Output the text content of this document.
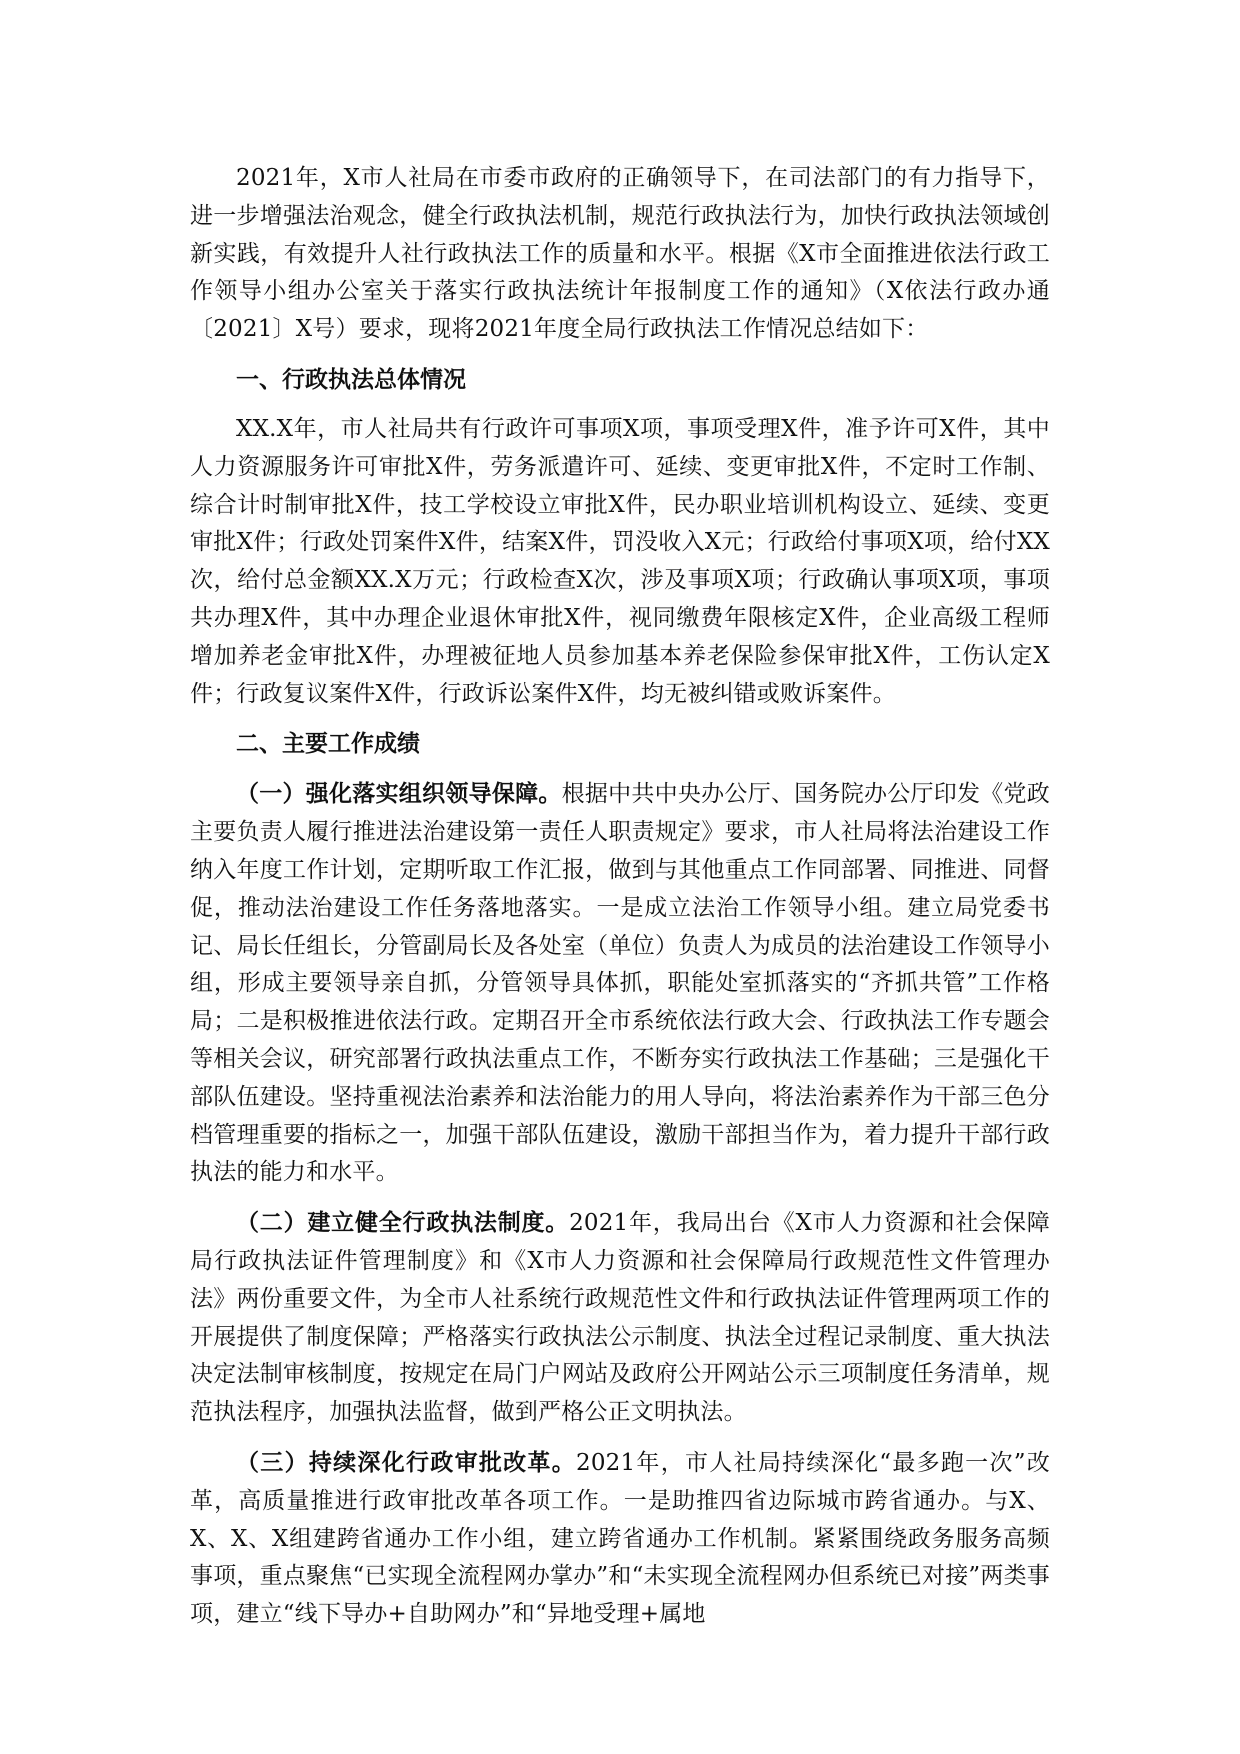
2021年，X市人社局在市委市政府的正确领导下，在司法部门的有力指导下，进一步增强法治观念，健全行政执法机制，规范行政执法行为，加快行政执法领域创新实践，有效提升人社行政执法工作的质量和水平。根据《X市全面推进依法行政工作领导小组办公室关于落实行政执法统计年报制度工作的通知》（X依法行政办通〔2021〕X号）要求，现将2021年度全局行政执法工作情况总结如下：

一、行政执法总体情况

XX.X年，市人社局共有行政许可事项X项，事项受理X件，准予许可X件，其中人力资源服务许可审批X件，劳务派遣许可、延续、变更审批X件，不定时工作制、综合计时制审批X件，技工学校设立审批X件，民办职业培训机构设立、延续、变更审批X件；行政处罚案件X件，结案X件，罚没收入X元；行政给付事项X项，给付XX次，给付总金额XX.X万元；行政检查X次，涉及事项X项；行政确认事项X项，事项共办理X件，其中办理企业退休审批X件，视同缴费年限核定X件，企业高级工程师增加养老金审批X件，办理被征地人员参加基本养老保险参保审批X件，工伤认定X件；行政复议案件X件，行政诉讼案件X件，均无被纠错或败诉案件。

二、主要工作成绩

（一）强化落实组织领导保障。根据中共中央办公厅、国务院办公厅印发《党政主要负责人履行推进法治建设第一责任人职责规定》要求，市人社局将法治建设工作纳入年度工作计划，定期听取工作汇报，做到与其他重点工作同部署、同推进、同督促，推动法治建设工作任务落地落实。一是成立法治工作领导小组。建立局党委书记、局长任组长，分管副局长及各处室（单位）负责人为成员的法治建设工作领导小组，形成主要领导亲自抓，分管领导具体抓，职能处室抓落实的“齐抓共管”工作格局；二是积极推进依法行政。定期召开全市系统依法行政大会、行政执法工作专题会等相关会议，研究部署行政执法重点工作，不断夯实行政执法工作基础；三是强化干部队伍建设。坚持重视法治素养和法治能力的用人导向，将法治素养作为干部三色分档管理重要的指标之一，加强干部队伍建设，激励干部担当作为，着力提升干部行政执法的能力和水平。

（二）建立健全行政执法制度。2021年，我局出台《X市人力资源和社会保障局行政执法证件管理制度》和《X市人力资源和社会保障局行政规范性文件管理办法》两份重要文件，为全市人社系统行政规范性文件和行政执法证件管理两项工作的开展提供了制度保障；严格落实行政执法公示制度、执法全过程记录制度、重大执法决定法制审核制度，按规定在局门户网站及政府公开网站公示三项制度任务清单，规范执法程序，加强执法监督，做到严格公正文明执法。

（三）持续深化行政审批改革。2021年，市人社局持续深化“最多跑一次”改革，高质量推进行政审批改革各项工作。一是助推四省边际城市跨省通办。与X、X、X、X组建跨省通办工作小组，建立跨省通办工作机制。紧紧围绕政务服务高频事项，重点聚焦“已实现全流程网办掌办”和“未实现全流程网办但系统已对接”两类事项，建立“线下导办+自助网办”和“异地受理+属地
